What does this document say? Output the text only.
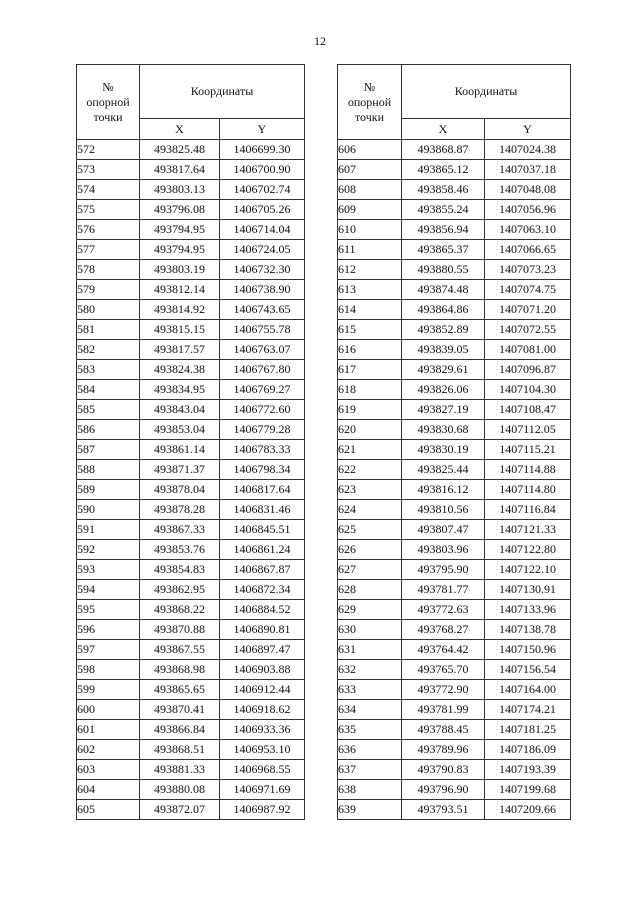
12
№
опорной
точки	Координаты	
	X	Y
572	493825.48	1406699.30
573	493817.64	1406700.90
574	493803.13	1406702.74
575	493796.08	1406705.26
576	493794.95	1406714.04
577	493794.95	1406724.05
578	493803.19	1406732.30
579	493812.14	1406738.90
580	493814.92	1406743.65
581	493815.15	1406755.78
582	493817.57	1406763.07
583	493824.38	1406767.80
584	493834.95	1406769.27
585	493843.04	1406772.60
586	493853.04	1406779.28
587	493861.14	1406783.33
588	493871.37	1406798.34
589	493878.04	1406817.64
590	493878.28	1406831.46
591	493867.33	1406845.51
592	493853.76	1406861.24
593	493854.83	1406867.87
594	493862.95	1406872.34
595	493868.22	1406884.52
596	493870.88	1406890.81
597	493867.55	1406897.47
598	493868.98	1406903.88
599	493865.65	1406912.44
600	493870.41	1406918.62
601	493866.84	1406933.36
602	493868.51	1406953.10
603	493881.33	1406968.55
604	493880.08	1406971.69
605	493872.07	1406987.92
№
опорной
точки	Координаты	
	X	Y
606	493868.87	1407024.38
607	493865.12	1407037.18
608	493858.46	1407048.08
609	493855.24	1407056.96
610	493856.94	1407063.10
611	493865.37	1407066.65
612	493880.55	1407073.23
613	493874.48	1407074.75
614	493864.86	1407071.20
615	493852.89	1407072.55
616	493839.05	1407081.00
617	493829.61	1407096.87
618	493826.06	1407104.30
619	493827.19	1407108.47
620	493830.68	1407112.05
621	493830.19	1407115.21
622	493825.44	1407114.88
623	493816.12	1407114.80
624	493810.56	1407116.84
625	493807.47	1407121.33
626	493803.96	1407122.80
627	493795.90	1407122.10
628	493781.77	1407130.91
629	493772.63	1407133.96
630	493768.27	1407138.78
631	493764.42	1407150.96
632	493765.70	1407156.54
633	493772.90	1407164.00
634	493781.99	1407174.21
635	493788.45	1407181.25
636	493789.96	1407186.09
637	493790.83	1407193.39
638	493796.90	1407199.68
639	493793.51	1407209.66
